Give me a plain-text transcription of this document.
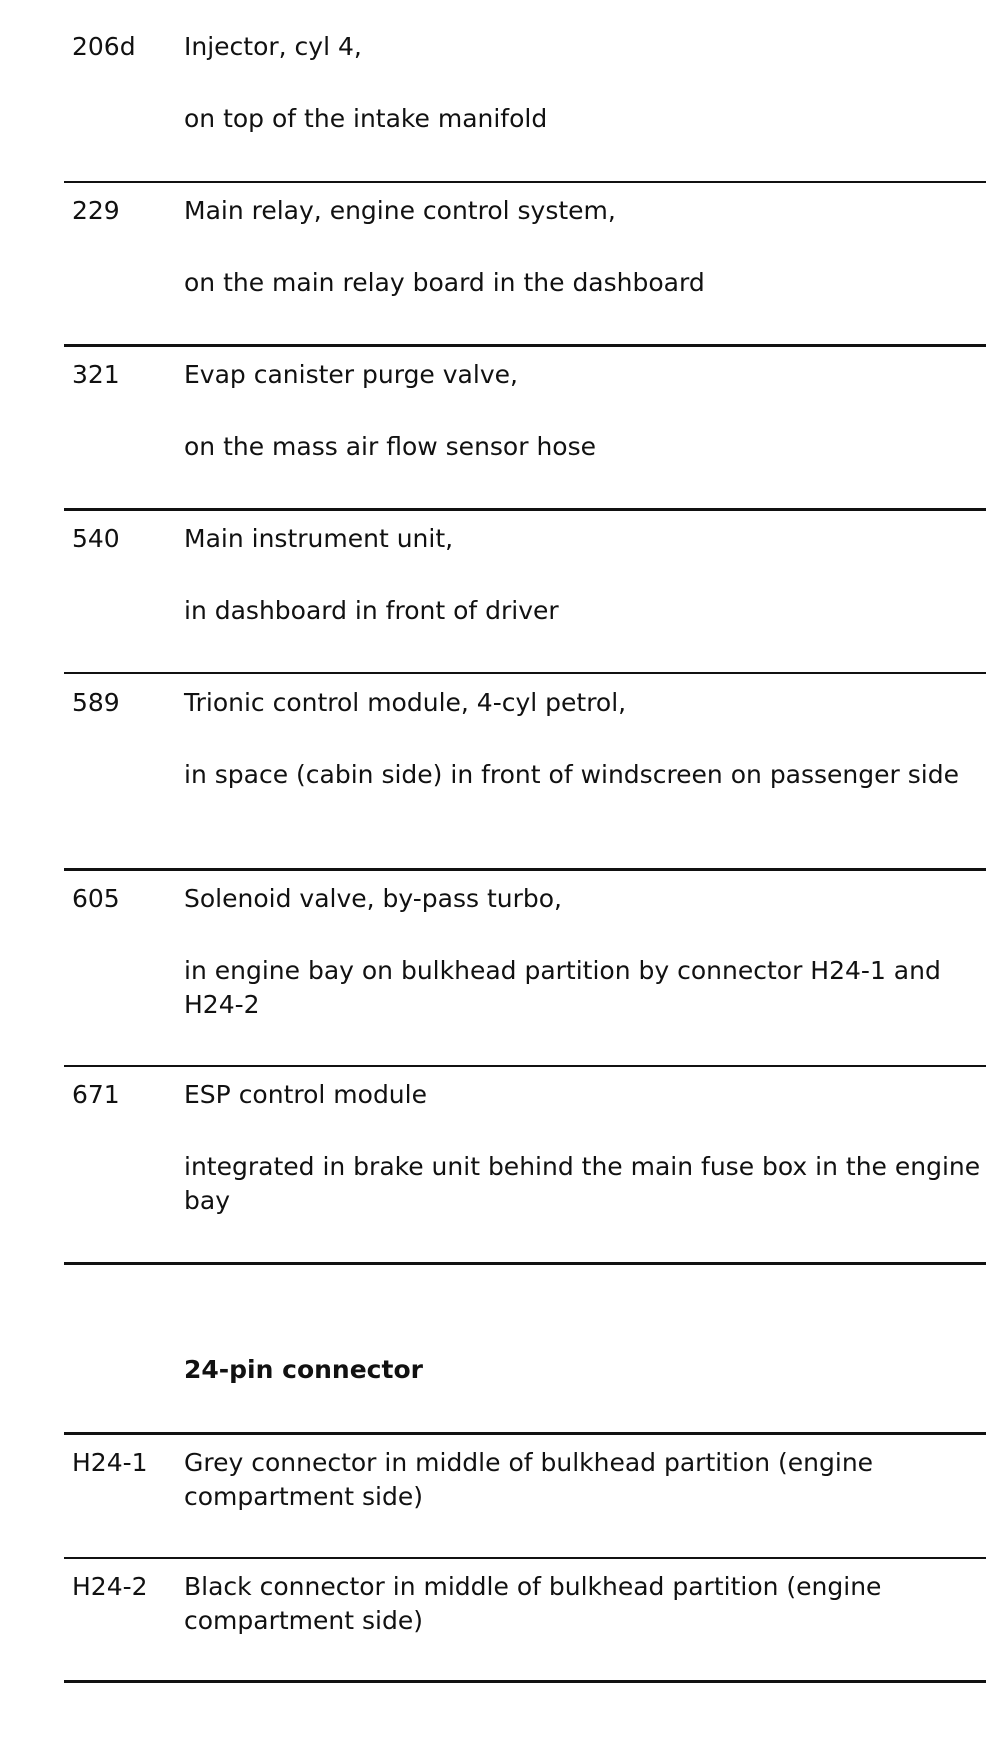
206d Injector, cyl 4,
on top of the intake manifold
229	Main relay, engine control system,
on the main relay board in the dashboard
321	Evap canister purge valve,
on the mass air flow sensor hose
540	Main instrument unit,
in dashboard in front of driver
589	Trionic control module, 4-cyl petrol,
in space (cabin side) in front of windscreen on passenger side
605	Solenoid valve, by-pass turbo,
in engine bay on bulkhead partition by connector H24-1 and H24-2
671	ESP control module
integrated in brake unit behind the main fuse box in the engine bay
24-pin connector
H24-1 Grey connector in middle of bulkhead partition (engine compartment side)
H24-2 Black connector in middle of bulkhead partition (engine compartment side)
